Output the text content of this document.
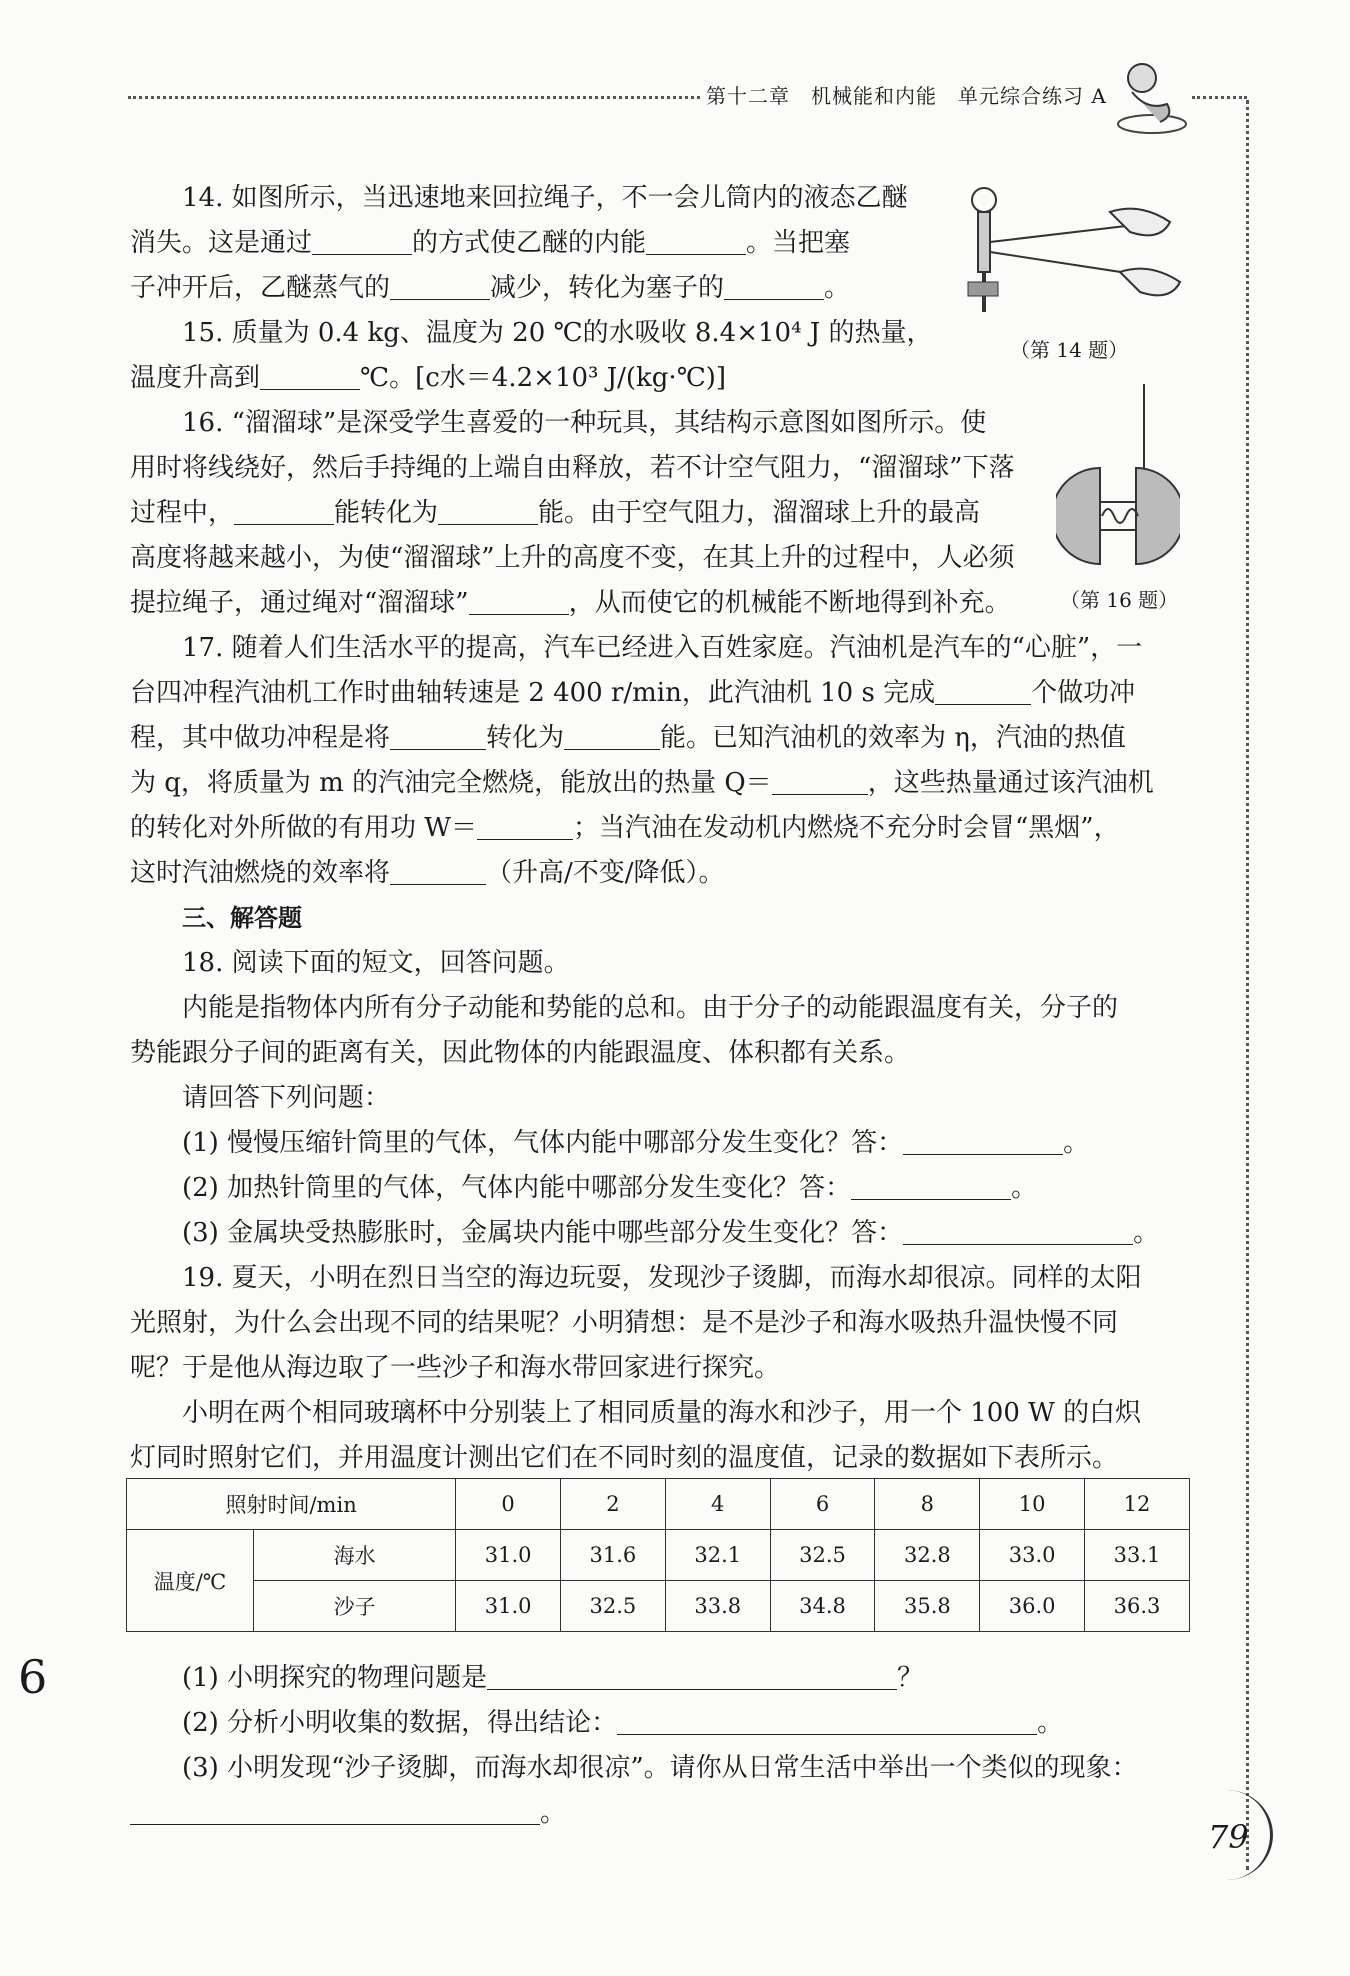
第十二章　机械能和内能　单元综合练习 A
14. 如图所示，当迅速地来回拉绳子，不一会儿筒内的液态乙醚
消失。这是通过	的方式使乙醚的内能	。当把塞
子冲开后，乙醚蒸气的	减少，转化为塞子的	。
（第 14 题）
15. 质量为 0.4 kg、温度为 20 ℃的水吸收 8.4×10⁴ J 的热量，
温度升高到	℃。[c水＝4.2×10³ J/(kg·℃)]
16. “溜溜球”是深受学生喜爱的一种玩具，其结构示意图如图所示。使
用时将线绕好，然后手持绳的上端自由释放，若不计空气阻力，“溜溜球”下落
过程中，	能转化为	能。由于空气阻力，溜溜球上升的最高
高度将越来越小，为使“溜溜球”上升的高度不变，在其上升的过程中，人必须
提拉绳子，通过绳对“溜溜球”	，从而使它的机械能不断地得到补充。	（第 16 题）
17. 随着人们生活水平的提高，汽车已经进入百姓家庭。汽油机是汽车的“心脏”，一
台四冲程汽油机工作时曲轴转速是 2 400 r/min，此汽油机 10 s 完成	个做功冲
程，其中做功冲程是将	转化为	能。已知汽油机的效率为 η，汽油的热值
为 q，将质量为 m 的汽油完全燃烧，能放出的热量 Q＝	，这些热量通过该汽油机
的转化对外所做的有用功 W＝	；当汽油在发动机内燃烧不充分时会冒“黑烟”，
这时汽油燃烧的效率将	（升高/不变/降低）。
三、解答题
18. 阅读下面的短文，回答问题。
内能是指物体内所有分子动能和势能的总和。由于分子的动能跟温度有关，分子的
势能跟分子间的距离有关，因此物体的内能跟温度、体积都有关系。
请回答下列问题：
(1) 慢慢压缩针筒里的气体，气体内能中哪部分发生变化？答：	。
(2) 加热针筒里的气体，气体内能中哪部分发生变化？答：	。
(3) 金属块受热膨胀时，金属块内能中哪些部分发生变化？答：	。
19. 夏天，小明在烈日当空的海边玩耍，发现沙子烫脚，而海水却很凉。同样的太阳
光照射，为什么会出现不同的结果呢？小明猜想：是不是沙子和海水吸热升温快慢不同
呢？于是他从海边取了一些沙子和海水带回家进行探究。
小明在两个相同玻璃杯中分别装上了相同质量的海水和沙子，用一个 100 W 的白炽
灯同时照射它们，并用温度计测出它们在不同时刻的温度值，记录的数据如下表所示。
照射时间/min		0	2	4	6	8	10	12
温度/℃	海水	31.0	31.6	32.1	32.5	32.8	33.0	33.1
	沙子	31.0	32.5	33.8	34.8	35.8	36.0	36.3
(1) 小明探究的物理问题是	？
(2) 分析小明收集的数据，得出结论：	。
(3) 小明发现“沙子烫脚，而海水却很凉”。请你从日常生活中举出一个类似的现象：
。
6
79
